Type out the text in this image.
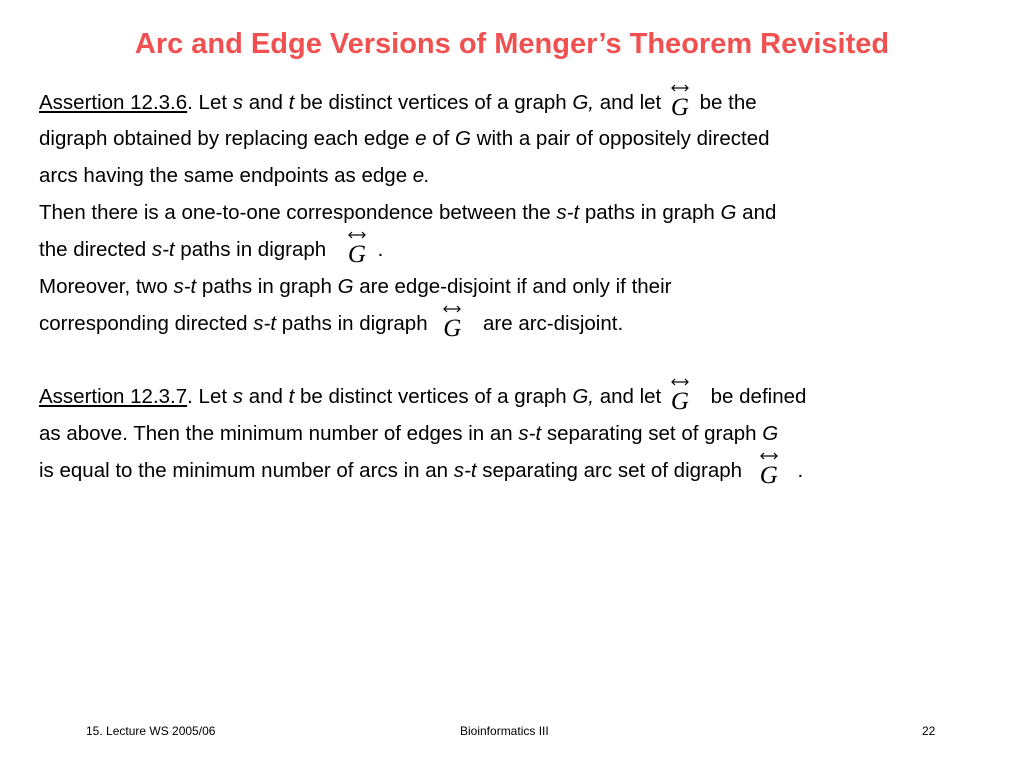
Arc and Edge Versions of Menger’s Theorem Revisited
Assertion 12.3.6. Let s and t be distinct vertices of a graph G, and let
G be the
digraph obtained by replacing each edge e of G with a pair of oppositely directed
arcs having the same endpoints as edge e.
Then there is a one-to-one correspondence between the s-t paths in graph G and
the directed s-t paths in digraph
G .
Moreover, two s-t paths in graph G are edge-disjoint if and only if their
corresponding directed s-t paths in digraph
G are arc-disjoint.
Assertion 12.3.7. Let s and t be distinct vertices of a graph G, and let
G be defined
as above. Then the minimum number of edges in an s-t separating set of graph G
is equal to the minimum number of arcs in an s-t separating arc set of digraph
G .
15. Lecture WS 2005/06	Bioinformatics III	22
